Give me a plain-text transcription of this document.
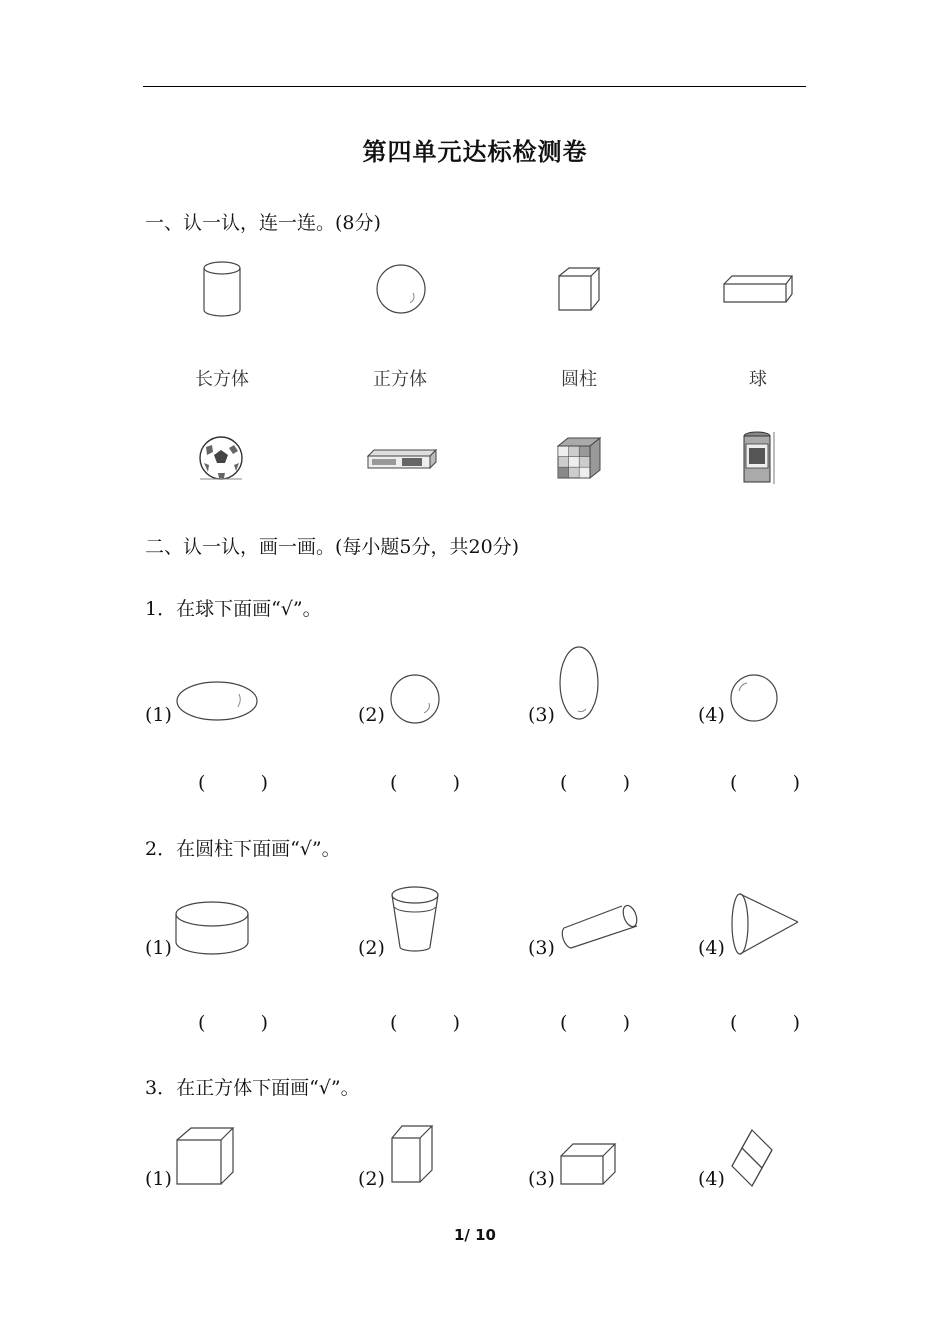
第四单元达标检测卷
一、认一认，连一连。(8分)
长方体	正方体	圆柱	球
二、认一认，画一画。(每小题5分，共20分)
1．在球下面画“√”。
(1)	(2)	(3)	(4)
(	)	(	)	(	)	(	)
2．在圆柱下面画“√”。
(1)	(2)	(3)	(4)
(	)	(	)	(	)	(	)
3．在正方体下面画“√”。
(1)	(2)	(3)	(4)
1/ 10
